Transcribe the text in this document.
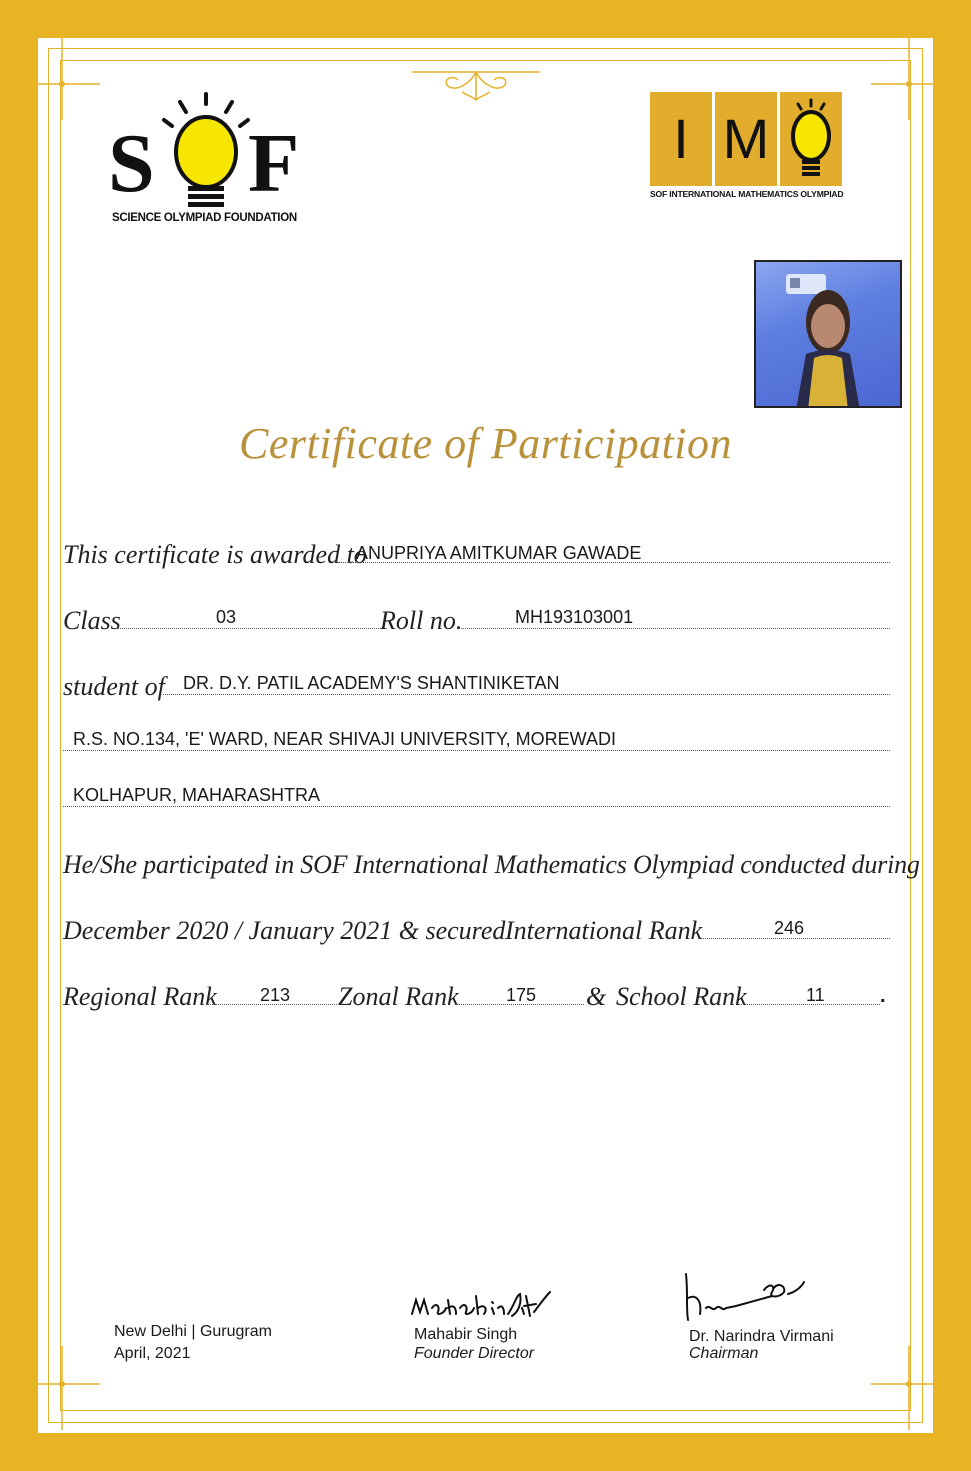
S F
SCIENCE OLYMPIAD FOUNDATION
I M
SOF INTERNATIONAL MATHEMATICS OLYMPIAD
Certificate of Participation
This certificate is awarded to
ANUPRIYA AMITKUMAR GAWADE
Class	03	Roll no.	MH193103001
student of DR. D.Y. PATIL ACADEMY'S SHANTINIKETAN
R.S. NO.134, 'E' WARD, NEAR SHIVAJI UNIVERSITY, MOREWADI
KOLHAPUR, MAHARASHTRA
He/She participated in SOF International Mathematics Olympiad conducted during
December 2020 / January 2021 & secured International Rank	246
Regional Rank 213 Zonal Rank	175 & School Rank	11	.
New Delhi | Gurugram
April, 2021
Mahabir Singh
Founder Director
Dr. Narindra Virmani
Chairman
